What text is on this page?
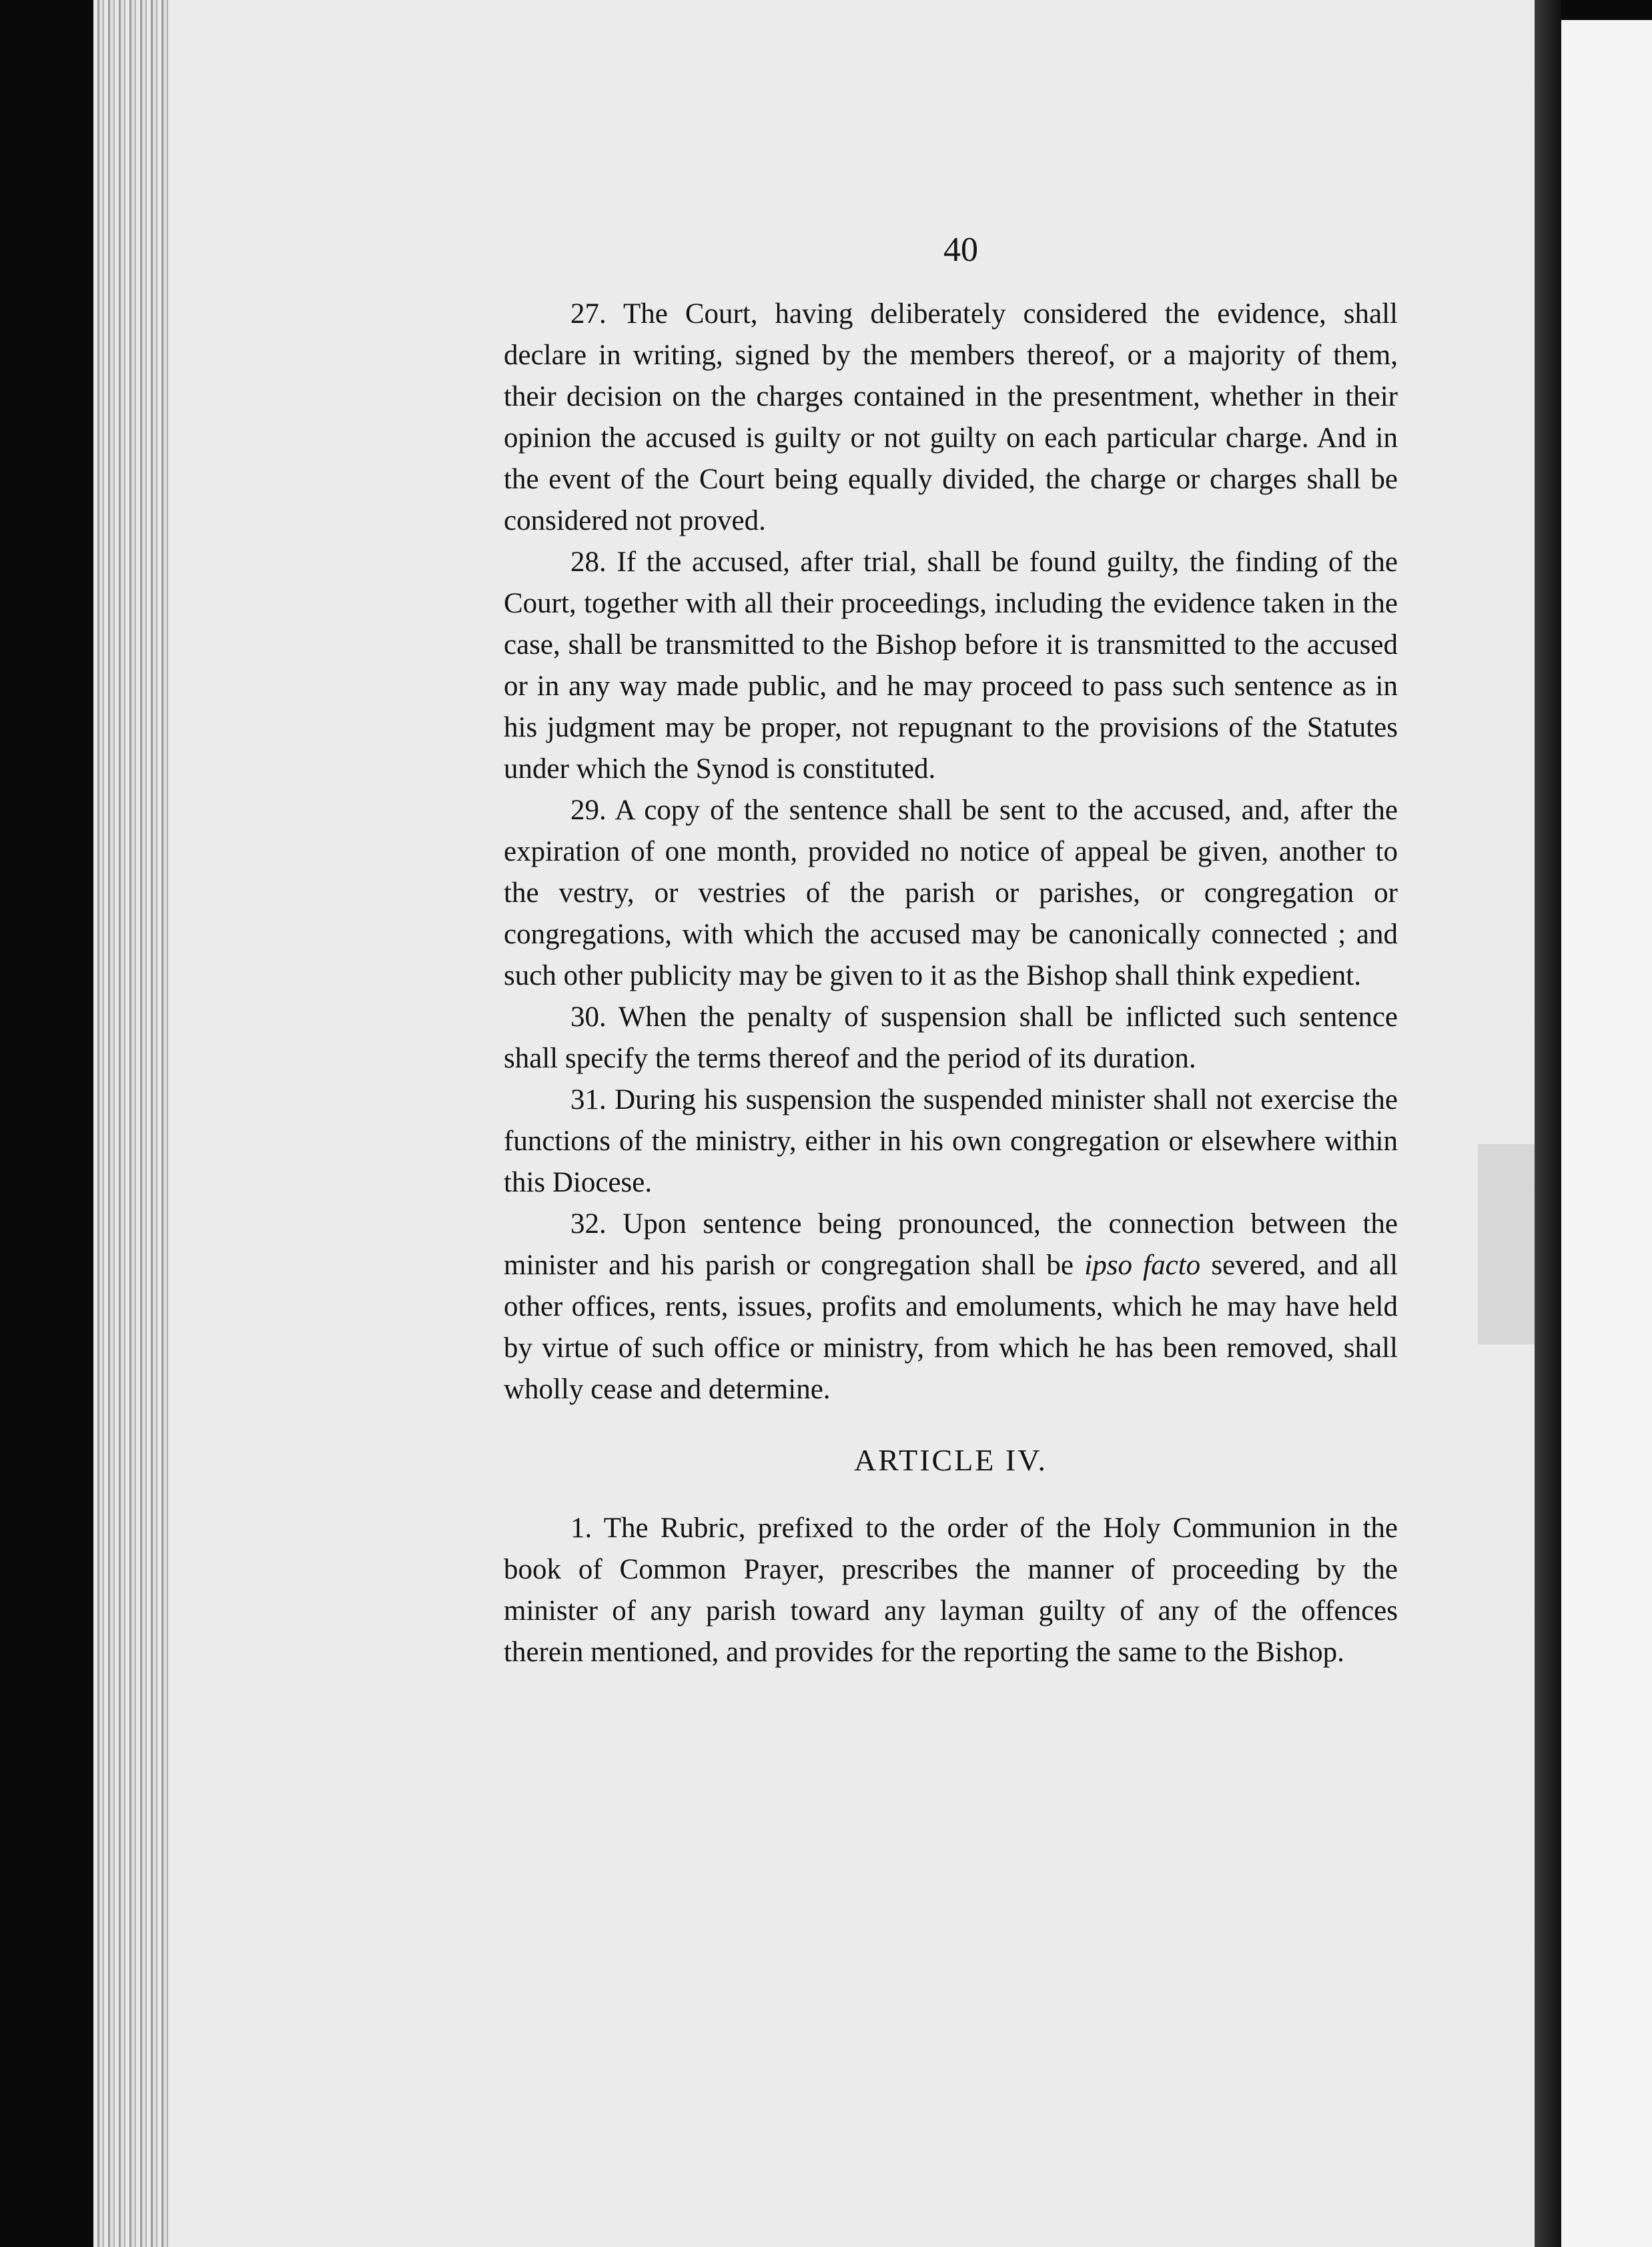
40

27. The Court, having deliberately considered the evidence, shall declare in writing, signed by the members thereof, or a majority of them, their decision on the charges contained in the presentment, whether in their opinion the accused is guilty or not guilty on each particular charge. And in the event of the Court being equally divided, the charge or charges shall be considered not proved.

28. If the accused, after trial, shall be found guilty, the finding of the Court, together with all their proceedings, including the evidence taken in the case, shall be transmitted to the Bishop before it is transmitted to the accused or in any way made public, and he may proceed to pass such sentence as in his judgment may be proper, not repugnant to the provisions of the Statutes under which the Synod is constituted.

29. A copy of the sentence shall be sent to the accused, and, after the expiration of one month, provided no notice of appeal be given, another to the vestry, or vestries of the parish or parishes, or congregation or congregations, with which the accused may be canonically connected ; and such other publicity may be given to it as the Bishop shall think expedient.

30. When the penalty of suspension shall be inflicted such sentence shall specify the terms thereof and the period of its duration.

31. During his suspension the suspended minister shall not exercise the functions of the ministry, either in his own congregation or elsewhere within this Diocese.

32. Upon sentence being pronounced, the connection between the minister and his parish or congregation shall be ipso facto severed, and all other offices, rents, issues, profits and emoluments, which he may have held by virtue of such office or ministry, from which he has been removed, shall wholly cease and determine.

ARTICLE IV.

1. The Rubric, prefixed to the order of the Holy Communion in the book of Common Prayer, prescribes the manner of proceeding by the minister of any parish toward any layman guilty of any of the offences therein mentioned, and provides for the reporting the same to the Bishop.
